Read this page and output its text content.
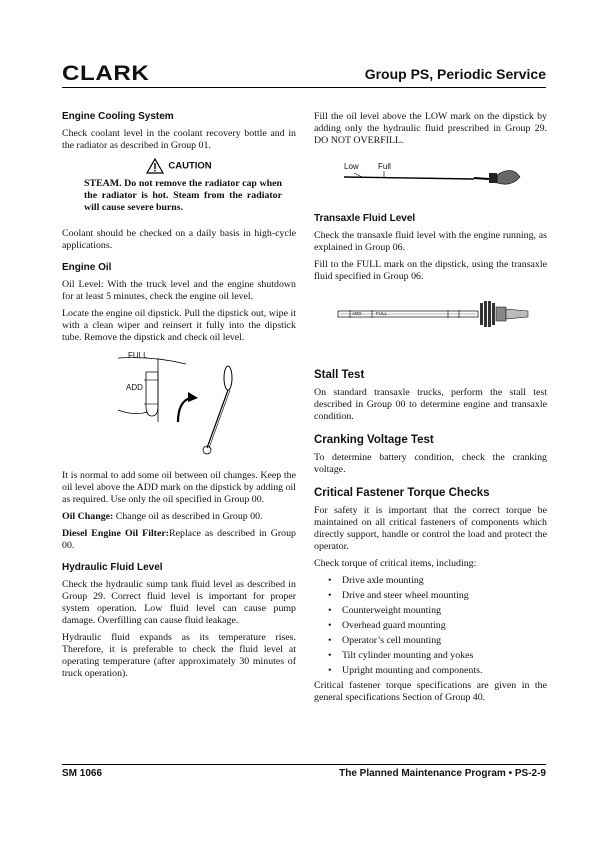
CLARK	Group PS, Periodic Service
Engine Cooling System

Check coolant level in the coolant recovery bottle and in the radiator as described in Group 01.

CAUTION

STEAM. Do not remove the radiator cap when the radiator is hot. Steam from the radiator will cause severe burns.

Coolant should be checked on a daily basis in high-cycle applications.

Engine Oil

Oil Level: With the truck level and the engine shutdown for at least 5 minutes, check the engine oil level.

Locate the engine oil dipstick. Pull the dipstick out, wipe it with a clean wiper and reinsert it fully into the dipstick tube. Remove the dipstick and check oil level.

FULL
ADD

It is normal to add some oil between oil changes. Keep the oil level above the ADD mark on the dipstick by adding oil as required. Use only the oil specified in Group 00.

Oil Change: Change oil as described in Group 00.

Diesel Engine Oil Filter:Replace as described in Group 00.

Hydraulic Fluid Level

Check the hydraulic sump tank fluid level as described in Group 29. Correct fluid level is important for proper system operation. Low fluid level can cause pump damage. Overfilling can cause fluid leakage.

Hydraulic fluid expands as its temperature rises. Therefore, it is preferable to check the fluid level at operating temperature (after approximately 30 minutes of truck operation).

Fill the oil level above the LOW mark on the dipstick by adding only the hydraulic fluid prescribed in Group 29. DO NOT OVERFILL.

Low Full
Transaxle Fluid Level

Check the transaxle fluid level with the engine running, as explained in Group 06.

Fill to the FULL mark on the dipstick, using the transaxle fluid specified in Group 06.

ADD	FULL
Stall Test

On standard transaxle trucks, perform the stall test described in Group 00 to determine engine and transaxle condition.

Cranking Voltage Test

To determine battery condition, check the cranking voltage.

Critical Fastener Torque Checks

For safety it is important that the correct torque be maintained on all critical fasteners of components which directly support, handle or control the load and protect the operator.

Check torque of critical items, including:

• Drive axle mounting
• Drive and steer wheel mounting
• Counterweight mounting
• Overhead guard mounting
• Operator’s cell mounting
• Tilt cylinder mounting and yokes
• Upright mounting and components.

Critical fastener torque specifications are given in the general specifications Section of Group 40.

SM 1066	The Planned Maintenance Program • PS-2-9
